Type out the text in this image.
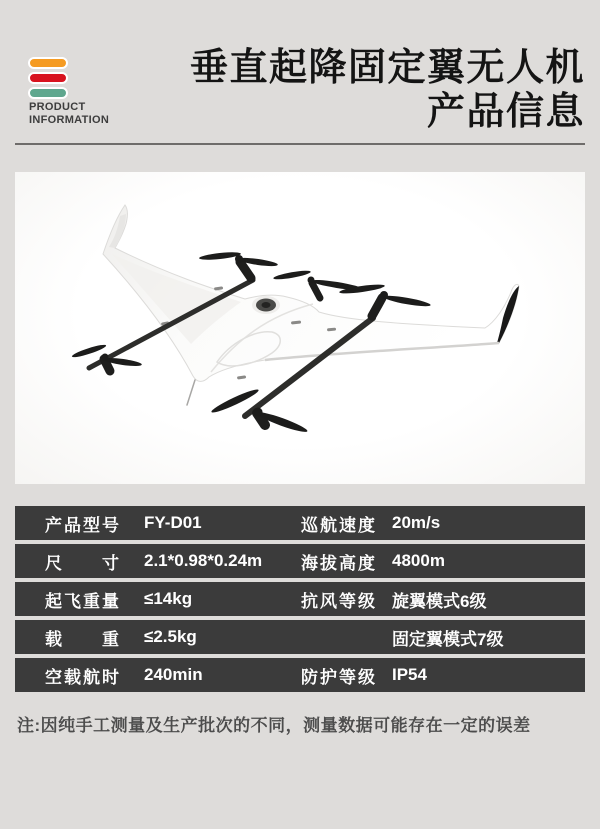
PRODUCT
INFORMATION
垂直起降固定翼无人机
产品信息
产品型号 FY-D01	巡航速度 20m/s
尺寸 2.1*0.98*0.24m	海拔高度 4800m
起飞重量 ≤14kg	抗风等级 旋翼模式6级
载重 ≤2.5kg	固定翼模式7级
空载航时 240min	防护等级 IP54

注:因纯手工测量及生产批次的不同，测量数据可能存在一定的误差
